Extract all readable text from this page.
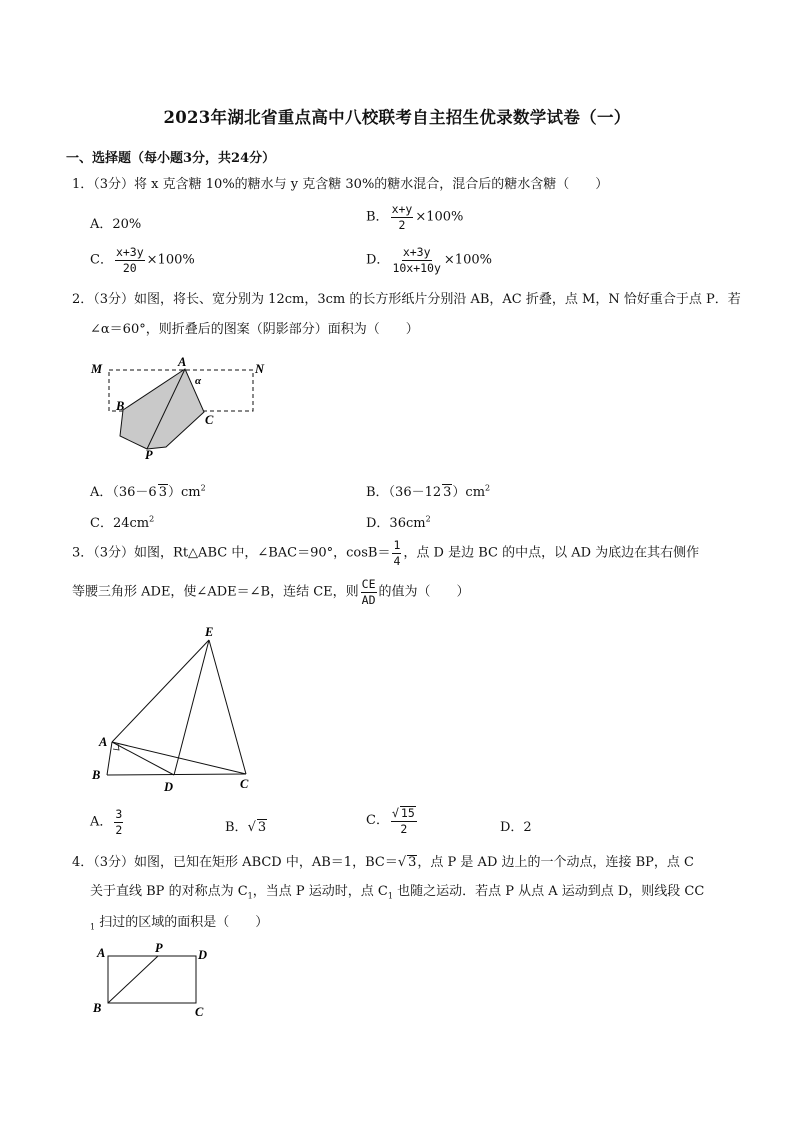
2023年湖北省重点高中八校联考自主招生优录数学试卷（一）
一、选择题（每小题3分，共24分）
1．（3分）将 x 克含糖 10%的糖水与 y 克含糖 30%的糖水混合，混合后的糖水含糖（　　）
A．20%	B． $\frac{x+y}{2} \times 100\%$
C． $\frac{x+3y}{20} \times 100\%$	D． $\frac{x+3y}{10x+10y} \times 100\%$
2．（3分）如图，将长、宽分别为 12cm，3cm 的长方形纸片分别沿 AB，AC 折叠，点 M，N 恰好重合于点 P．若
∠α＝60°，则折叠后的图案（阴影部分）面积为（　　）
M	A	N
α
B
C
P
A．（36－6 $3)cm^2$	B．（36－12 $3)cm^2$
C．$24cm^2$	D．$36cm^2$
3．（3分）如图，Rt△ABC 中，∠BAC＝90°，$\cos B= \frac{1}{4}$ ，点 D 是边 BC 的中点，以 AD 为底边在其右侧作
等腰三角形 ADE，使∠ADE＝∠B，连结 CE，则 $\frac{CE}{AD}$ 的值为（　　）
E
A
B
D	C
A． $\frac{3}{2}$	B．√ 3	C． $\frac{√ 15}{2}$	D．2
4．（3分）如图，已知在矩形 ABCD 中，AB＝1，BC＝√ 3，点 P 是 AD 边上的一个动点，连接 BP，点 C
关于直线 BP 的对称点为 $C_1$，当点 P 运动时，点 $C_1$ 也随之运动．若点 P 从点 A 运动到点 D，则线段 CC
$_1$ 扫过的区域的面积是（　　）
A	P	D
B	C
